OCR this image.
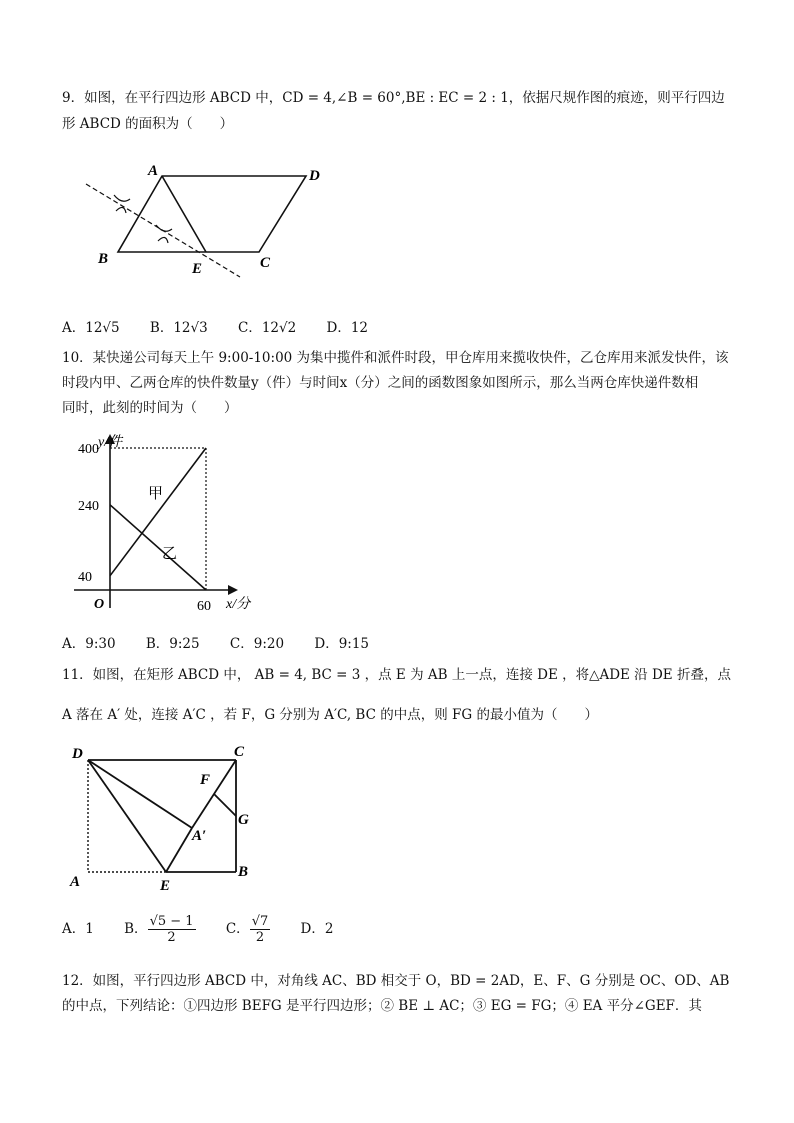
9．如图，在平行四边形 ABCD 中，CD = 4,∠B = 60°,BE : EC = 2 : 1，依据尺规作图的痕迹，则平行四边
形 ABCD 的面积为（　　）
A	D
B
E	C
A．12√5 B．12√3 C．12√2 D．12
10．某快递公司每天上午 9:00-10:00 为集中揽件和派件时段，甲仓库用来揽收快件，乙仓库用来派发快件，该
时段内甲、乙两仓库的快件数量y（件）与时间x（分）之间的函数图象如图所示，那么当两仓库快递件数相
同时，此刻的时间为（　　）
y/件
x/分
O
甲
乙
400
240
40
60
A．9:30 B．9:25 C．9:20 D．9:15
11．如图，在矩形 ABCD 中， AB = 4, BC = 3 ，点 E 为 AB 上一点，连接 DE ，将△ADE 沿 DE 折叠，点
A 落在 A′ 处，连接 A′C ，若 F，G 分别为 A′C, BC 的中点，则 FG 的最小值为（　　）
D	C
F
A′
G
A	E
B
A．1 B． $\frac{√5 - 1}{2}$ C． $\frac{√7}{2}$ D．2
12．如图，平行四边形 ABCD 中，对角线 AC、BD 相交于 O，BD = 2AD，E、F、G 分别是 OC、OD、AB
的中点，下列结论：①四边形 BEFG 是平行四边形；② BE ⊥ AC；③ EG = FG；④ EA 平分∠GEF．其
